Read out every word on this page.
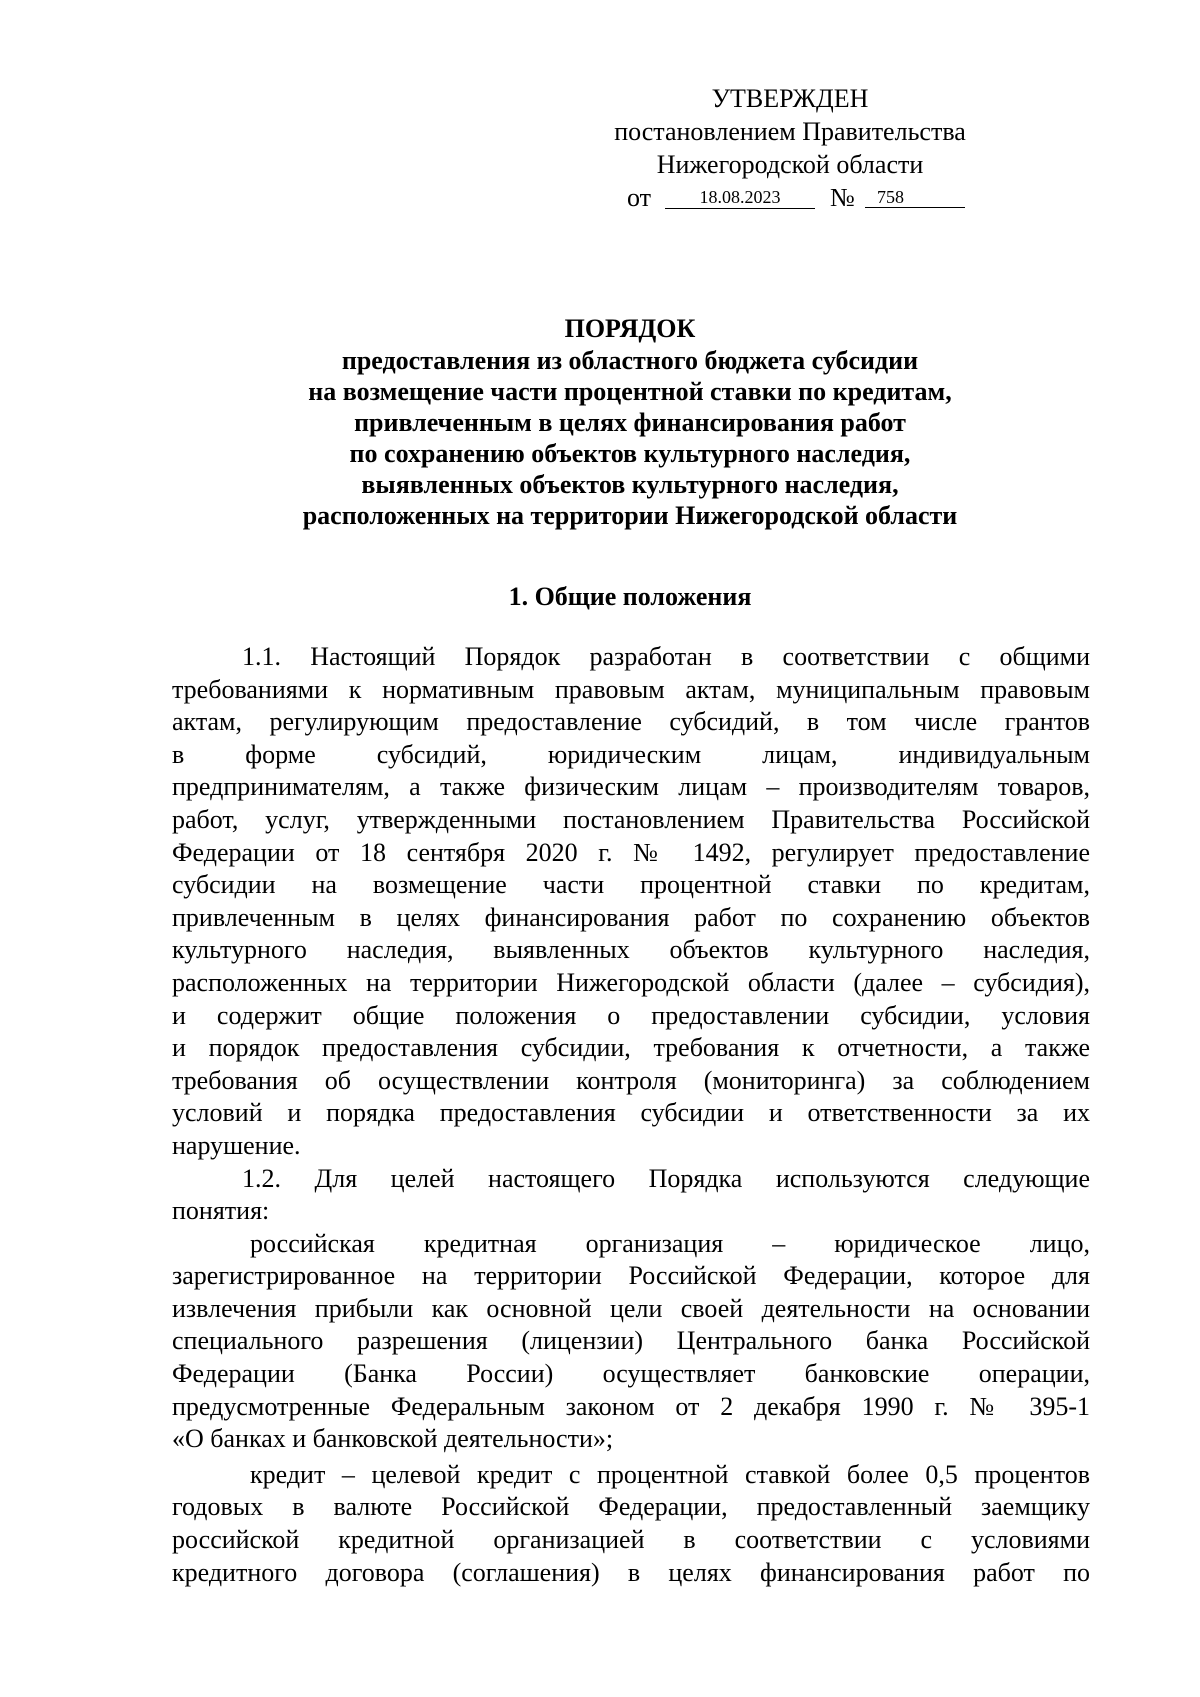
УТВЕРЖДЕН
постановлением Правительства
Нижегородской области
от	18.08.2023	№	758
ПОРЯДОК
предоставления из областного бюджета субсидии
на возмещение части процентной ставки по кредитам,
привлеченным в целях финансирования работ
по сохранению объектов культурного наследия,
выявленных объектов культурного наследия,
расположенных на территории Нижегородской области
1. Общие положения
1.1. Настоящий Порядок разработан в соответствии с общими
требованиями к нормативным правовым актам, муниципальным правовым
актам, регулирующим предоставление субсидий, в том числе грантов
в форме субсидий, юридическим лицам, индивидуальным
предпринимателям, а также физическим лицам – производителям товаров,
работ, услуг, утвержденными постановлением Правительства Российской
Федерации от 18 сентября 2020 г. № 1492, регулирует предоставление
субсидии на возмещение части процентной ставки по кредитам,
привлеченным в целях финансирования работ по сохранению объектов
культурного наследия, выявленных объектов культурного наследия,
расположенных на территории Нижегородской области (далее – субсидия),
и содержит общие положения о предоставлении субсидии, условия
и порядок предоставления субсидии, требования к отчетности, а также
требования об осуществлении контроля (мониторинга) за соблюдением
условий и порядка предоставления субсидии и ответственности за их
нарушение.
1.2. Для целей настоящего Порядка используются следующие
понятия:
российская кредитная организация – юридическое лицо,
зарегистрированное на территории Российской Федерации, которое для
извлечения прибыли как основной цели своей деятельности на основании
специального разрешения (лицензии) Центрального банка Российской
Федерации (Банка России) осуществляет банковские операции,
предусмотренные Федеральным законом от 2 декабря 1990 г. № 395-1
«О банках и банковской деятельности»;
кредит – целевой кредит с процентной ставкой более 0,5 процентов
годовых в валюте Российской Федерации, предоставленный заемщику
российской кредитной организацией в соответствии с условиями
кредитного договора (соглашения) в целях финансирования работ по
